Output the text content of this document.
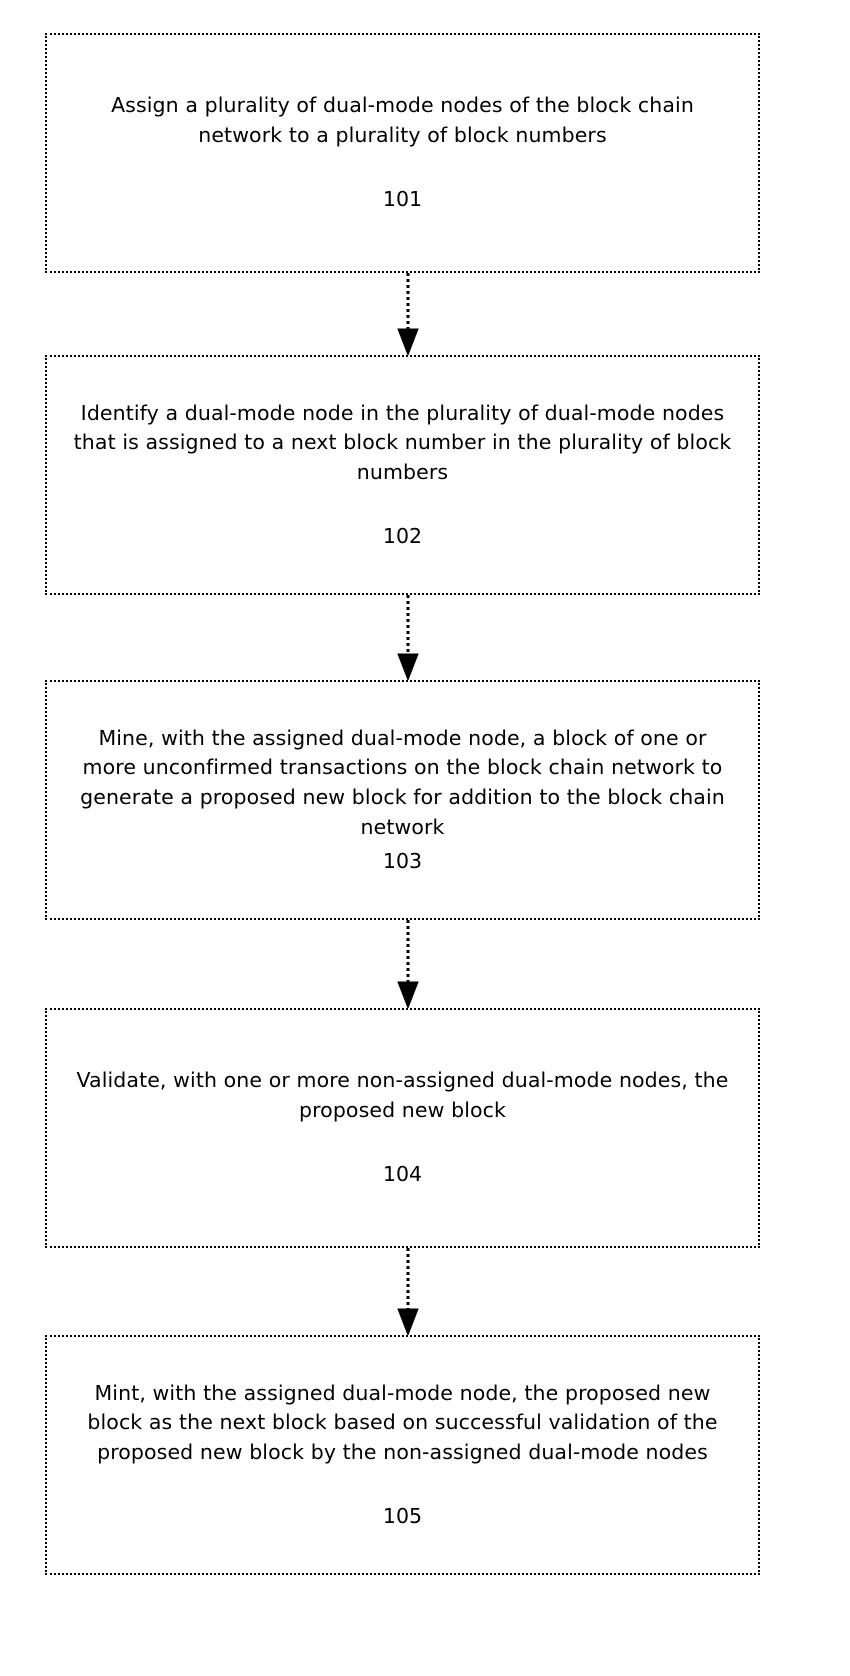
Assign a plurality of dual-mode nodes of the block chain
network to a plurality of block numbers
101
Identify a dual-mode node in the plurality of dual-mode nodes
that is assigned to a next block number in the plurality of block
numbers
102
Mine, with the assigned dual-mode node, a block of one or
more unconfirmed transactions on the block chain network to
generate a proposed new block for addition to the block chain
network
103
Validate, with one or more non-assigned dual-mode nodes, the
proposed new block
104
Mint, with the assigned dual-mode node, the proposed new
block as the next block based on successful validation of the
proposed new block by the non-assigned dual-mode nodes
105
